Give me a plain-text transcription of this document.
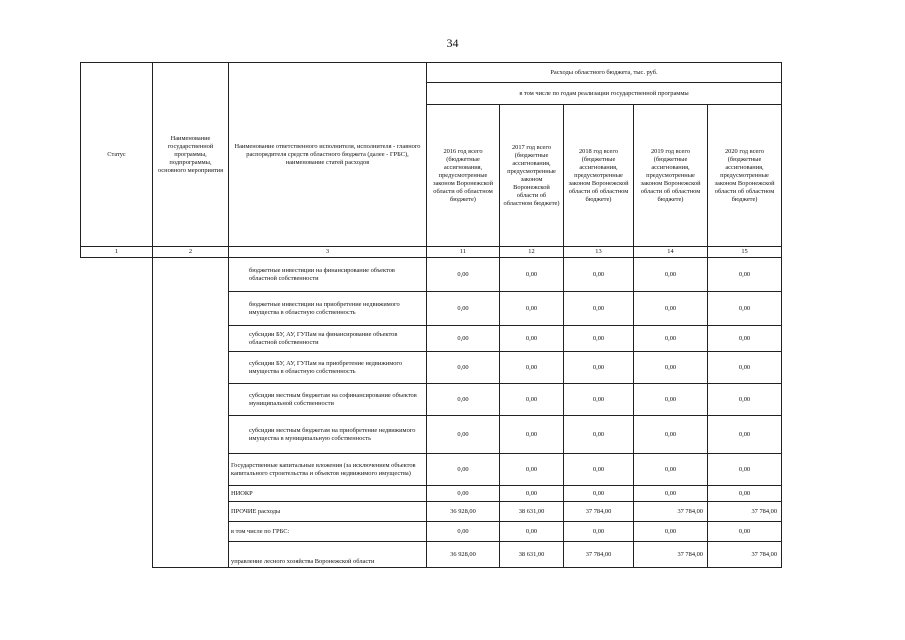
34
Статус	Наименование государственной программы, подпрограммы, основного мероприятия	Наименование ответственного исполнителя, исполнителя - главного распорядителя средств областного бюджета (далее - ГРБС), наименование статей расходов	Расходы областного бюджета, тыс. руб.				
			в том числе по годам реализации государственной программы				
			2016 год всего (бюджетные ассигнования, предусмотренные законом Воронежской области об областном бюджете)	2017 год всего (бюджетные ассигнования, предусмотренные законом Воронежской области об областном бюджете)	2018 год всего (бюджетные ассигнования, предусмотренные законом Воронежской области об областном бюджете)	2019 год всего (бюджетные ассигнования, предусмотренные законом Воронежской области об областном бюджете)	2020 год всего (бюджетные ассигнования, предусмотренные законом Воронежской области об областном бюджете)
1	2	3	11	12	13	14	15
		бюджетные инвестиции на финансирование объектов областной собственности	0,00	0,00	0,00	0,00	0,00
		бюджетные инвестиции на приобретение недвижимого имущества в областную собственность	0,00	0,00	0,00	0,00	0,00
		субсидии БУ, АУ, ГУПам на финансирование объектов областной собственности	0,00	0,00	0,00	0,00	0,00
		субсидии БУ, АУ, ГУПам на приобретение недвижимого имущества в областную собственность	0,00	0,00	0,00	0,00	0,00
		субсидии местным бюджетам на софинансирование объектов муниципальной собственности	0,00	0,00	0,00	0,00	0,00
		субсидии местным бюджетам на приобретение недвижимого имущества в муниципальную собственность	0,00	0,00	0,00	0,00	0,00
		Государственные капитальные вложения (за исключением объектов капитального строительства и объектов недвижимого имущества)	0,00	0,00	0,00	0,00	0,00
		НИОКР	0,00	0,00	0,00	0,00	0,00
		ПРОЧИЕ расходы	36 928,00	38 631,00	37 784,00	37 784,00	37 784,00
		в том числе по ГРБС:	0,00	0,00	0,00	0,00	0,00
		управление лесного хозяйства Воронежской области	36 928,00	38 631,00	37 784,00	37 784,00	37 784,00
